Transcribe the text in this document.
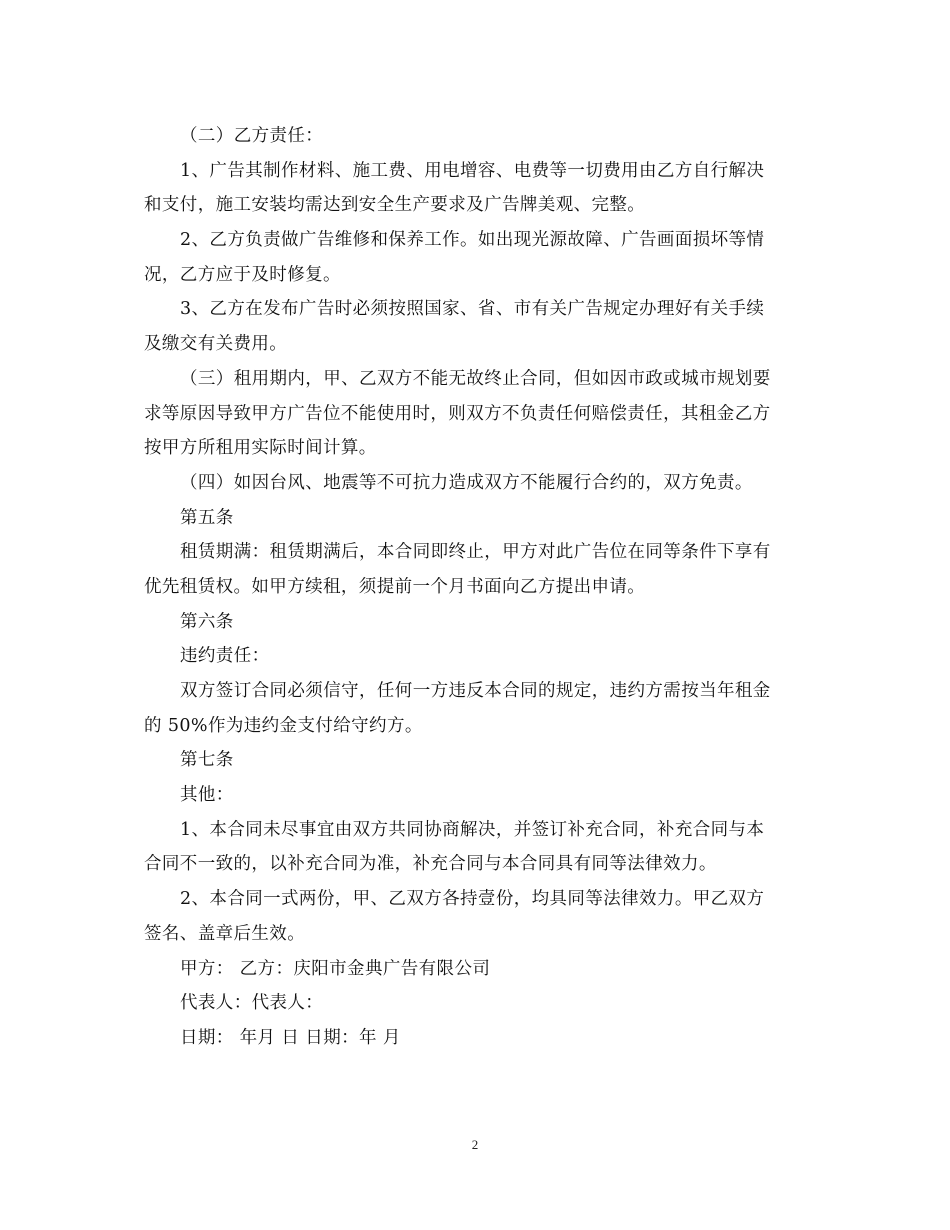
（二）乙方责任：
1、广告其制作材料、施工费、用电增容、电费等一切费用由乙方自行解决
和支付，施工安装均需达到安全生产要求及广告牌美观、完整。
2、乙方负责做广告维修和保养工作。如出现光源故障、广告画面损坏等情
况，乙方应于及时修复。
3、乙方在发布广告时必须按照国家、省、市有关广告规定办理好有关手续
及缴交有关费用。
（三）租用期内，甲、乙双方不能无故终止合同，但如因市政或城市规划要
求等原因导致甲方广告位不能使用时，则双方不负责任何赔偿责任，其租金乙方
按甲方所租用实际时间计算。
（四）如因台风、地震等不可抗力造成双方不能履行合约的，双方免责。
第五条
租赁期满：租赁期满后，本合同即终止，甲方对此广告位在同等条件下享有
优先租赁权。如甲方续租，须提前一个月书面向乙方提出申请。
第六条
违约责任：
双方签订合同必须信守，任何一方违反本合同的规定，违约方需按当年租金
的 50%作为违约金支付给守约方。
第七条
其他：
1、本合同未尽事宜由双方共同协商解决，并签订补充合同，补充合同与本
合同不一致的，以补充合同为准，补充合同与本合同具有同等法律效力。
2、本合同一式两份，甲、乙双方各持壹份，均具同等法律效力。甲乙双方
签名、盖章后生效。
甲方： 乙方：庆阳市金典广告有限公司
代表人：代表人：
日期： 年月 日 日期：年 月
2
